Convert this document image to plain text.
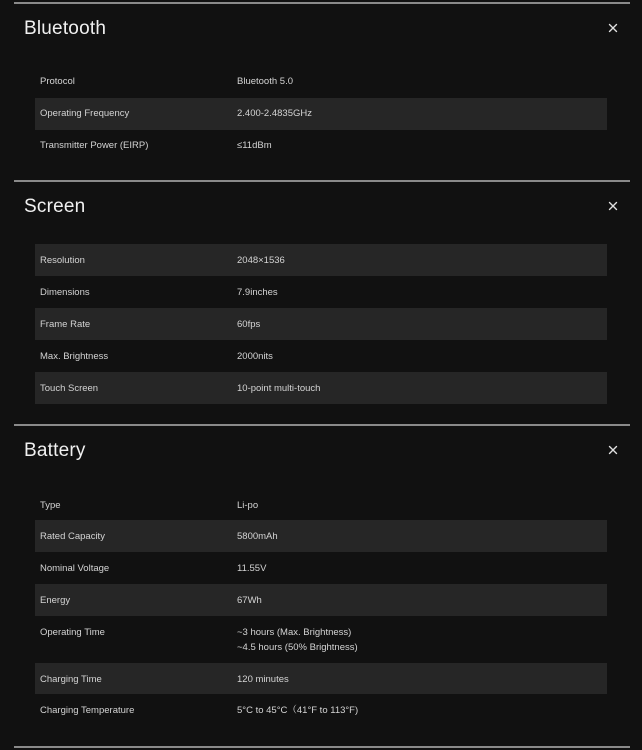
Bluetooth
Protocol	Bluetooth 5.0
Operating Frequency	2.400-2.4835GHz
Transmitter Power (EIRP)	≤11dBm
Screen
Resolution	2048×1536
Dimensions	7.9inches
Frame Rate	60fps
Max. Brightness	2000nits
Touch Screen	10-point multi-touch
Battery
Type	Li-po
Rated Capacity	5800mAh
Nominal Voltage	11.55V
Energy	67Wh
Operating Time	~3 hours (Max. Brightness)
~4.5 hours (50% Brightness)
Charging Time	120 minutes
Charging Temperature	5°C to 45°C（41°F to 113°F)
